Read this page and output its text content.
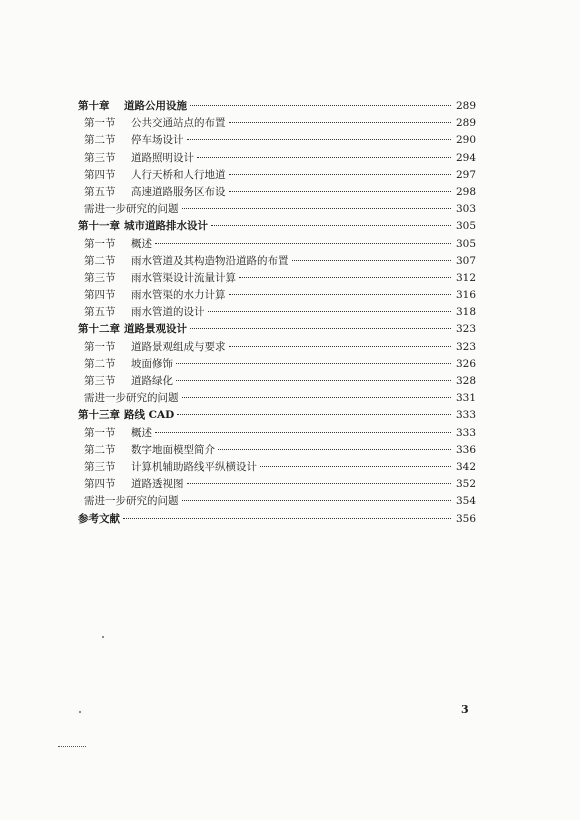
第十章	道路公用设施	289
第一节	公共交通站点的布置	289
第二节	停车场设计	290
第三节	道路照明设计	294
第四节	人行天桥和人行地道	297
第五节	高速道路服务区布设	298
需进一步研究的问题	303
第十一章 城市道路排水设计	305
第一节	概述	305
第二节	雨水管道及其构造物沿道路的布置	307
第三节	雨水管渠设计流量计算	312
第四节	雨水管渠的水力计算	316
第五节	雨水管道的设计	318
第十二章 道路景观设计	323
第一节	道路景观组成与要求	323
第二节	坡面修饰	326
第三节	道路绿化	328
需进一步研究的问题	331
第十三章 路线 CAD	333
第一节	概述	333
第二节	数字地面模型简介	336
第三节	计算机辅助路线平纵横设计	342
第四节	道路透视图	352
需进一步研究的问题	354
参考文献	356
3
